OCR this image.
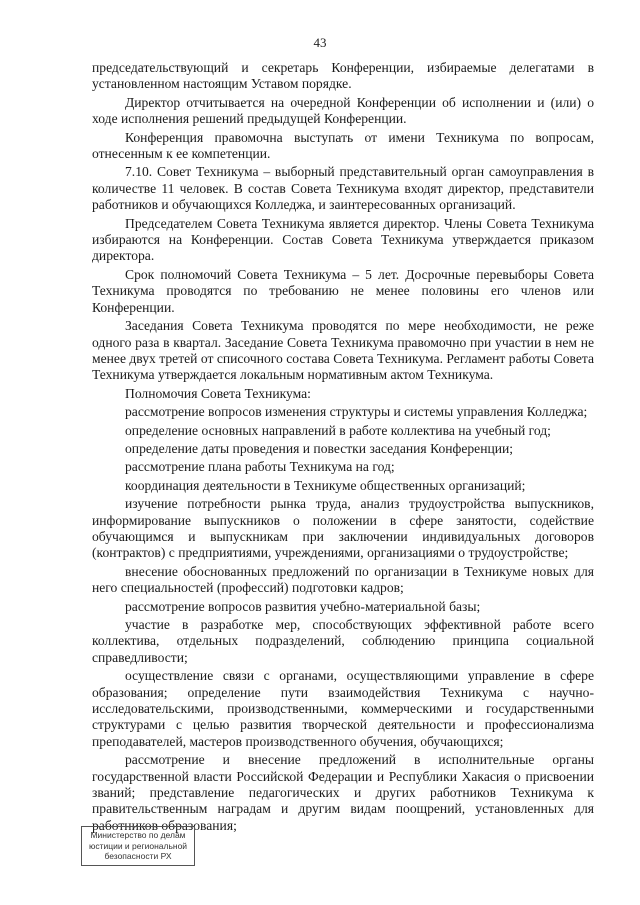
43

председательствующий и секретарь Конференции, избираемые делегатами в установленном настоящим Уставом порядке.

Директор отчитывается на очередной Конференции об исполнении и (или) о ходе исполнения решений предыдущей Конференции.

Конференция правомочна выступать от имени Техникума по вопросам, отнесенным к ее компетенции.

7.10. Совет Техникума – выборный представительный орган самоуправления в количестве 11 человек. В состав Совета Техникума входят директор, представители работников и обучающихся Колледжа, и заинтересованных организаций.

Председателем Совета Техникума является директор. Члены Совета Техникума избираются на Конференции. Состав Совета Техникума утверждается приказом директора.

Срок полномочий Совета Техникума – 5 лет. Досрочные перевыборы Совета Техникума проводятся по требованию не менее половины его членов или Конференции.

Заседания Совета Техникума проводятся по мере необходимости, не реже одного раза в квартал. Заседание Совета Техникума правомочно при участии в нем не менее двух третей от списочного состава Совета Техникума. Регламент работы Совета Техникума утверждается локальным нормативным актом Техникума.

Полномочия Совета Техникума:

рассмотрение вопросов изменения структуры и системы управления Колледжа;

определение основных направлений в работе коллектива на учебный год;

определение даты проведения и повестки заседания Конференции;

рассмотрение плана работы Техникума на год;

координация деятельности в Техникуме общественных организаций;

изучение потребности рынка труда, анализ трудоустройства выпускников, информирование выпускников о положении в сфере занятости, содействие обучающимся и выпускникам при заключении индивидуальных договоров (контрактов) с предприятиями, учреждениями, организациями о трудоустройстве;

внесение обоснованных предложений по организации в Техникуме новых для него специальностей (профессий) подготовки кадров;

рассмотрение вопросов развития учебно-материальной базы;

участие в разработке мер, способствующих эффективной работе всего коллектива, отдельных подразделений, соблюдению принципа социальной справедливости;

осуществление связи с органами, осуществляющими управление в сфере образования; определение пути взаимодействия Техникума с научно-исследовательскими, производственными, коммерческими и государственными структурами с целью развития творческой деятельности и профессионализма преподавателей, мастеров производственного обучения, обучающихся;

рассмотрение и внесение предложений в исполнительные органы государственной власти Российской Федерации и Республики Хакасия о присвоении званий; представление педагогических и других работников Техникума к правительственным наградам и другим видам поощрений, установленных для работников образования;

Министерство по делам
юстиции и региональной
безопасности РХ
